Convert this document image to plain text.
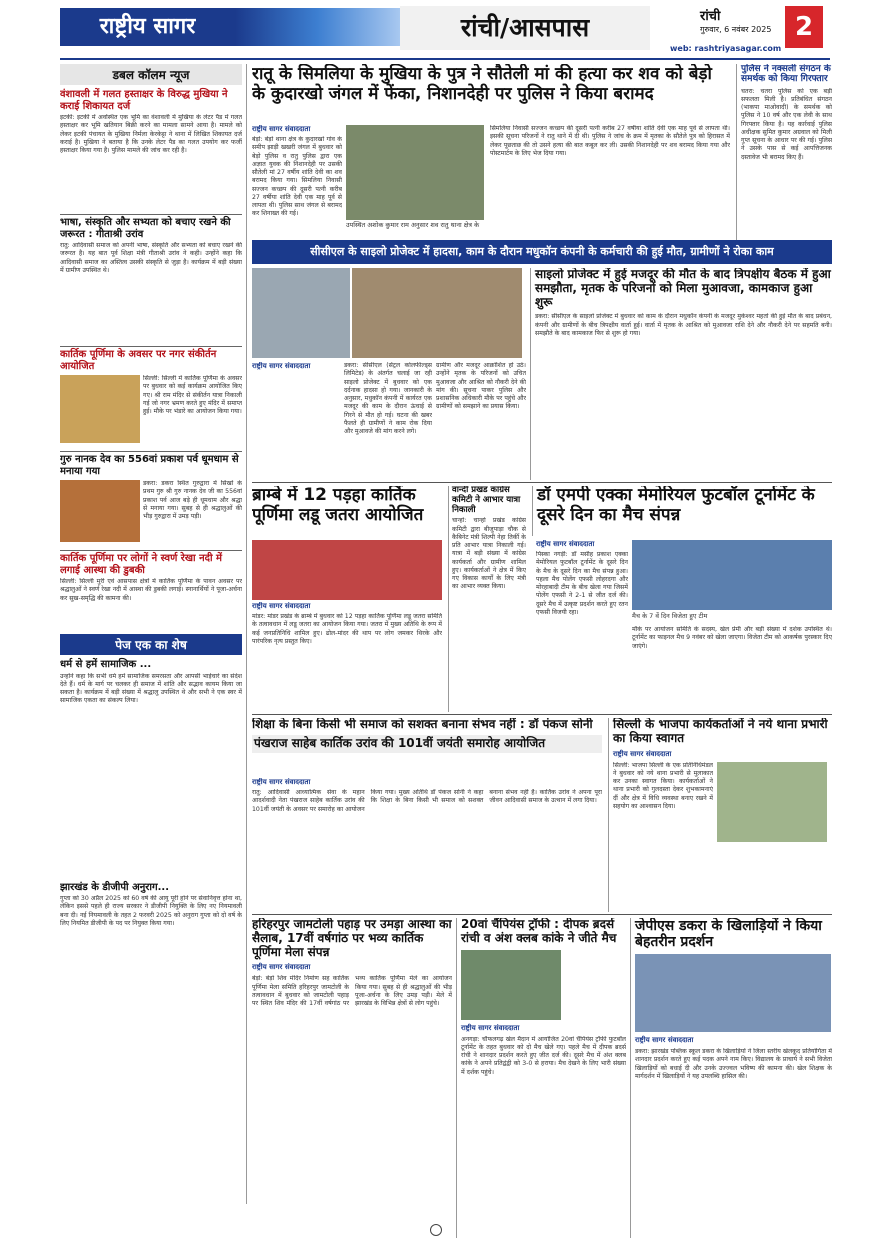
राष्ट्रीय सागर	रांची/आसपास	रांची
गुरुवार, 6 नवंबर 2025 2
web: rashtriyasagar.com
डबल कॉलम न्यूज
वंशावली में गलत हस्ताक्षर के विरुद्ध मुखिया ने कराई शिकायत दर्ज
इटकी: इटकी में अवस्थित एक भूमि का वंशावली में मुखिया के लेटर पैड में गलत हस्ताक्षर कर भूमि खतियान बिक्री करने का मामला सामने आया है। मामले को लेकर इटकी पंचायत के मुखिया निर्मला केरकेट्टा ने थाना में लिखित शिकायत दर्ज कराई है। मुखिया ने बताया है कि उनके लेटर पैड का गलत उपयोग कर फर्जी हस्ताक्षर किया गया है। पुलिस मामले की जांच कर रही है।
भाषा, संस्कृति और सभ्यता को बचाए रखने की जरूरत : गीताश्री उरांव
रातु: आदिवासी समाज को अपनी भाषा, संस्कृति और सभ्यता को बचाए रखने की जरूरत है। यह बात पूर्व शिक्षा मंत्री गीताश्री उरांव ने कही। उन्होंने कहा कि आदिवासी समाज का अस्तित्व उसकी संस्कृति से जुड़ा है। कार्यक्रम में बड़ी संख्या में ग्रामीण उपस्थित थे।
कार्तिक पूर्णिमा के अवसर पर नगर संकीर्तन आयोजित
सिल्ली: सिल्ली में कार्तिक पूर्णिमा के अवसर पर बुधवार को कई कार्यक्रम आयोजित किए गए। श्री राम मंदिर से संकीर्तन यात्रा निकाली गई जो नगर भ्रमण करते हुए मंदिर में समाप्त हुई। मौके पर भंडारे का आयोजन किया गया।
गुरु नानक देव का 556वां प्रकाश पर्व धूमधाम से मनाया गया
डकरा: डकरा स्थित गुरुद्वारा में सिखों के प्रथम गुरु श्री गुरु नानक देव जी का 556वां प्रकाश पर्व आज बड़े ही धूमधाम और श्रद्धा से मनाया गया। सुबह से ही श्रद्धालुओं की भीड़ गुरुद्वारा में उमड़ पड़ी।
कार्तिक पूर्णिमा पर लोगों ने स्वर्ण रेखा नदी में लगाई आस्था की डुबकी
सिल्ली: सिल्ली मुरी एवं आसपास क्षेत्रों में कार्तिक पूर्णिमा के पावन अवसर पर श्रद्धालुओं ने स्वर्ण रेखा नदी में आस्था की डुबकी लगाई। स्नानार्थियों ने पूजा-अर्चना कर सुख-समृद्धि की कामना की।
पेज एक का शेष
धर्म से हमें सामाजिक ...
उन्होंने कहा कि सभी धर्म हमें सामाजिक समरसता और आपसी भाईचारे का संदेश देते हैं। धर्म के मार्ग पर चलकर ही समाज में शांति और सद्भाव कायम किया जा सकता है। कार्यक्रम में बड़ी संख्या में श्रद्धालु उपस्थित थे और सभी ने एक स्वर में सामाजिक एकता का संकल्प लिया।
झारखंड के डीजीपी अनुराग...
गुप्ता को 30 अप्रैल 2025 को 60 वर्ष की आयु पूरी होने पर सेवानिवृत्त होना था, लेकिन इससे पहले ही राज्य सरकार ने डीजीपी नियुक्ति के लिए नए नियमावली बना दी। नई नियमावली के तहत 2 फरवरी 2025 को अनुराग गुप्ता को दो वर्ष के लिए नियमित डीजीपी के पद पर नियुक्त किया गया।
रातू के सिमलिया के मुखिया के पुत्र ने सौतेली मां की हत्या कर शव को बेड़ो के कुदारखो जंगल में फेंका, निशानदेही पर पुलिस ने किया बरामद
राष्ट्रीय सागर संवाददाता
बेड़ो: बेड़ो थाना क्षेत्र के कुदारखो गांव के समीप झाड़ी खखरी जंगल में बुधवार को बेड़ो पुलिस व रातु पुलिस द्वारा एक अज्ञात युवक की निशानदेही पर उसकी सौतेली मां 27 वर्षीय शांति देवी का शव बरामद किया गया। सिमलिया निवासी सज्जन कच्छप की दूसरी पत्नी करीब 27 वर्षीया शांति देवी एक माह पूर्व से लापता थी। पुलिस साथ जंगल से बरामद कर शिनाख्त की गई।
उपस्थित अशोक कुमार राम अनुसार शव रातु थाना क्षेत्र के
सिमलिया निवासी सज्जन कच्छप की दूसरी पत्नी करीब 27 वर्षीया शांति देवी एक माह पूर्व से लापता थी। इसकी सूचना परिजनों ने रातु थाने में दी थी। पुलिस ने जांच के क्रम में मृतका के सौतेले पुत्र को हिरासत में लेकर पूछताछ की तो उसने हत्या की बात कबूल कर ली। उसकी निशानदेही पर शव बरामद किया गया और पोस्टमार्टम के लिए भेज दिया गया।
पुलिस ने नक्सली संगठन के समर्थक को किया गिरफ्तार
चतरा: चतरा पुलिस को एक बड़ी सफलता मिली है। प्रतिबंधित संगठन (भाकपा माओवादी) के समर्थक को पुलिस ने 10 वर्ष और एक लेवी के साथ गिरफ्तार किया है। यह कार्रवाई पुलिस अधीक्षक सुमित कुमार अग्रवाल को मिली गुप्त सूचना के आधार पर की गई। पुलिस ने उसके पास से कई आपत्तिजनक दस्तावेज भी बरामद किए हैं।
सीसीएल के साइलो प्रोजेक्ट में हादसा, काम के दौरान मधुकॉन कंपनी के कर्मचारी की हुई मौत, ग्रामीणों ने रोका काम
राष्ट्रीय सागर संवाददाता	डकरा: सीसीएल (सेंट्रल कोलफील्ड्स लिमिटेड) के अंतर्गत चलाई जा रही साइलो प्रोजेक्ट में बुधवार को एक दर्दनाक हादसा हो गया। जानकारी के अनुसार, मधुकॉन कंपनी में कार्यरत एक मजदूर की काम के दौरान ऊंचाई से गिरने से मौत हो गई। घटना की खबर फैलते ही ग्रामीणों ने काम रोक दिया और मुआवजे की मांग करने लगे।
ग्रामीण और मजदूर आक्रोशित हो उठे। उन्होंने मृतक के परिजनों को उचित मुआवजा और आश्रित को नौकरी देने की मांग की। सूचना पाकर पुलिस और प्रशासनिक अधिकारी मौके पर पहुंचे और ग्रामीणों को समझाने का प्रयास किया।
साइलो प्रोजेक्ट में हुई मजदूर की मौत के बाद त्रिपक्षीय बैठक में हुआ समझौता, मृतक के परिजनों को मिला मुआवजा, कामकाज हुआ शुरू
डकरा: सीसीएल के साइलो प्रोजेक्ट में बुधवार को काम के दौरान मधुकॉन कंपनी के मजदूर मुकेश्वर महतो की हुई मौत के बाद प्रबंधन, कंपनी और ग्रामीणों के बीच त्रिपक्षीय वार्ता हुई। वार्ता में मृतक के आश्रित को मुआवजा राशि देने और नौकरी देने पर सहमति बनी। समझौते के बाद कामकाज फिर से शुरू हो गया।
ब्राम्बे में 12 पड़हा कार्तिक पूर्णिमा लडू जतरा आयोजित
राष्ट्रीय सागर संवाददाता
मांडर: मांडर प्रखंड के ब्राम्बे में बुधवार को 12 पड़हा कार्तिक पूर्णिमा लडू जतरा समिति के तत्वावधान में लडू जतरा का आयोजन किया गया। जतरा में मुख्य अतिथि के रूप में कई जनप्रतिनिधि शामिल हुए। ढोल-मांदर की थाप पर लोग जमकर थिरके और पारंपरिक नृत्य प्रस्तुत किए।
वान्दी प्रखंड कांग्रेस कमिटी ने आभार यात्रा निकाली
चान्हो: चान्हो प्रखंड कांग्रेस कमिटी द्वारा बीजुपाड़ा चौक से कैबिनेट मंत्री शिल्पी नेहा तिर्की के प्रति आभार यात्रा निकाली गई। यात्रा में बड़ी संख्या में कांग्रेस कार्यकर्ता और ग्रामीण शामिल हुए। कार्यकर्ताओं ने क्षेत्र में किए गए विकास कार्यों के लिए मंत्री का आभार व्यक्त किया।
डॉ एमपी एक्का मेमोरियल फुटबॉल टूर्नामेंट के दूसरे दिन का मैच संपन्न
राष्ट्रीय सागर संवाददाता
पिस्का नगड़ी: डॉ मसीह प्रकाश एक्का मेमोरियल फुटबॉल टूर्नामेंट के दूसरे दिन के मैच के दूसरे दिन का मैच संपन्न हुआ। पहला मैच पोलेंग एफसी लोहरदगा और मोरहाबादी टीम के बीच खेला गया जिसमें पोलेंग एफसी ने 2-1 से जीत दर्ज की। दूसरे मैच में उत्कृष्ट प्रदर्शन करते हुए रतन एफसी विजयी रहा।	मैच के 7 वें दिन विजेता हुए टीम
मौके पर आयोजन समिति के सदस्य, खेल प्रेमी और बड़ी संख्या में दर्शक उपस्थित थे। टूर्नामेंट का फाइनल मैच 9 नवंबर को खेला जाएगा। विजेता टीम को आकर्षक पुरस्कार दिए जाएंगे।
शिक्षा के बिना किसी भी समाज को सशक्त बनाना संभव नहीं : डॉ पंकज सोनी
पंखराज साहेब कार्तिक उरांव की 101वीं जयंती समारोह आयोजित
राष्ट्रीय सागर संवाददाता
रातु: आदिवासी आध्यात्मिक सेवा के महान आदर्शवादी नेता पंखराज साहेब कार्तिक उरांव की 101वीं जयंती के अवसर पर समारोह का आयोजन किया गया। मुख्य अतिथि डॉ पंकज सोनी ने कहा कि शिक्षा के बिना किसी भी समाज को सशक्त बनाना संभव नहीं है। कार्तिक उरांव ने अपना पूरा जीवन आदिवासी समाज के उत्थान में लगा दिया।
सिल्ली के भाजपा कार्यकर्ताओं ने नये थाना प्रभारी का किया स्वागत
राष्ट्रीय सागर संवाददाता
सिल्ली: भाजपा सिल्ली के एक प्रतिनिधिमंडल ने बुधवार को नये थाना प्रभारी से मुलाकात कर उनका स्वागत किया। कार्यकर्ताओं ने थाना प्रभारी को गुलदस्ता देकर शुभकामनाएं दीं और क्षेत्र में विधि व्यवस्था बनाए रखने में सहयोग का आश्वासन दिया।
हरिहरपुर जामटोली पहाड़ पर उमड़ा आस्था का सैलाब, 17वीं वर्षगांठ पर भव्य कार्तिक पूर्णिमा मेला संपन्न
राष्ट्रीय सागर संवाददाता
बेड़ो: बेड़ो शिव मंदिर निर्माण सह कार्तिक पूर्णिमा मेला समिति हरिहरपुर जामटोली के तत्वावधान में बुधवार को जामटोली पहाड़ पर स्थित शिव मंदिर की 17वीं वर्षगांठ पर भव्य कार्तिक पूर्णिमा मेले का आयोजन किया गया। सुबह से ही श्रद्धालुओं की भीड़ पूजा-अर्चना के लिए उमड़ पड़ी। मेले में झारखंड के विभिन्न क्षेत्रों से लोग पहुंचे।
20वां चैंपियंस ट्रॉफी : दीपक ब्रदर्स रांची व अंश क्लब कांके ने जीते मैच
राष्ट्रीय सागर संवाददाता
अनगड़ा: चौफलगढ़ खेल मैदान में आयोजित 20वां चैंपियंस ट्रॉफी फुटबॉल टूर्नामेंट के तहत बुधवार को दो मैच खेले गए। पहले मैच में दीपक ब्रदर्स रांची ने शानदार प्रदर्शन करते हुए जीत दर्ज की। दूसरे मैच में अंश क्लब कांके ने अपने प्रतिद्वंद्वी को 3-0 से हराया। मैच देखने के लिए भारी संख्या में दर्शक पहुंचे।
जेपीएस डकरा के खिलाड़ियों ने किया बेहतरीन प्रदर्शन
राष्ट्रीय सागर संवाददाता
डकरा: झारखंड पब्लिक स्कूल डकरा के खिलाड़ियों ने जिला स्तरीय खेलकूद प्रतियोगिता में शानदार प्रदर्शन करते हुए कई पदक अपने नाम किए। विद्यालय के प्राचार्य ने सभी विजेता खिलाड़ियों को बधाई दी और उनके उज्ज्वल भविष्य की कामना की। खेल शिक्षक के मार्गदर्शन में खिलाड़ियों ने यह उपलब्धि हासिल की।
